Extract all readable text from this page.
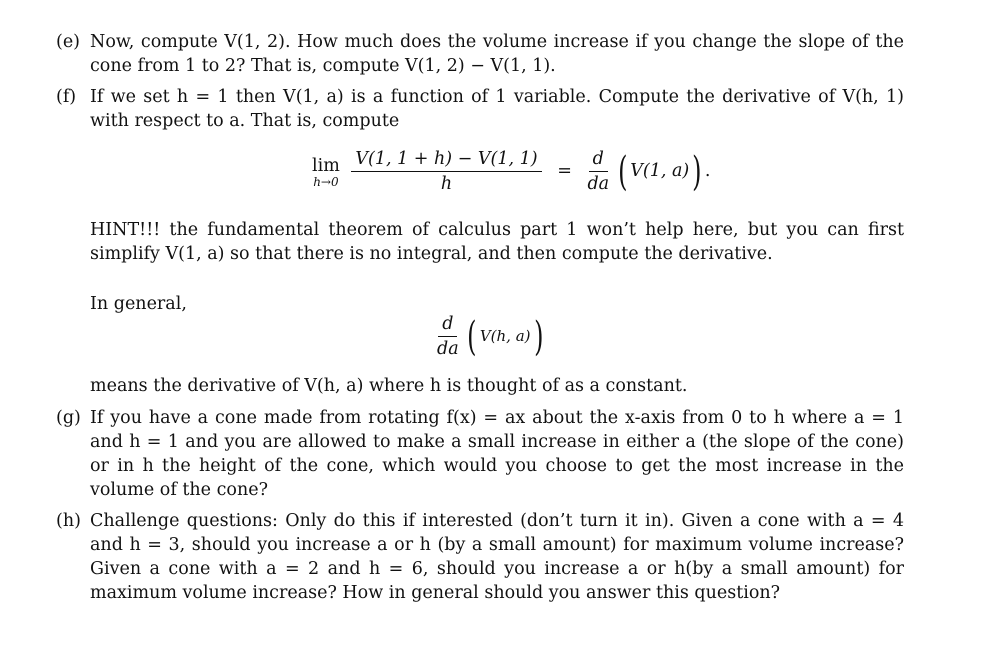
(e) Now, compute V(1, 2). How much does the volume increase if you change the slope of the cone from 1 to 2? That is, compute V(1, 2) − V(1, 1).
(f) If we set h = 1 then V(1, a) is a function of 1 variable. Compute the derivative of V(h, 1) with respect to a. That is, compute
lim
h→0
$\frac{V(1, 1 + h) - V(1, 1)}{h} = \frac{d}{da}$ ( V(1, a)) .
HINT!!! the fundamental theorem of calculus part 1 won’t help here, but you can first simplify V(1, a) so that there is no integral, and then compute the derivative.
In general,
$\frac{d}{da}$ ( V(h, a))
means the derivative of V(h, a) where h is thought of as a constant.
(g) If you have a cone made from rotating f(x) = ax about the x-axis from 0 to h where a = 1 and h = 1 and you are allowed to make a small increase in either a (the slope of the cone) or in h the height of the cone, which would you choose to get the most increase in the volume of the cone?
(h) Challenge questions: Only do this if interested (don’t turn it in). Given a cone with a = 4 and h = 3, should you increase a or h (by a small amount) for maximum volume increase? Given a cone with a = 2 and h = 6, should you increase a or h(by a small amount) for maximum volume increase? How in general should you answer this question?
